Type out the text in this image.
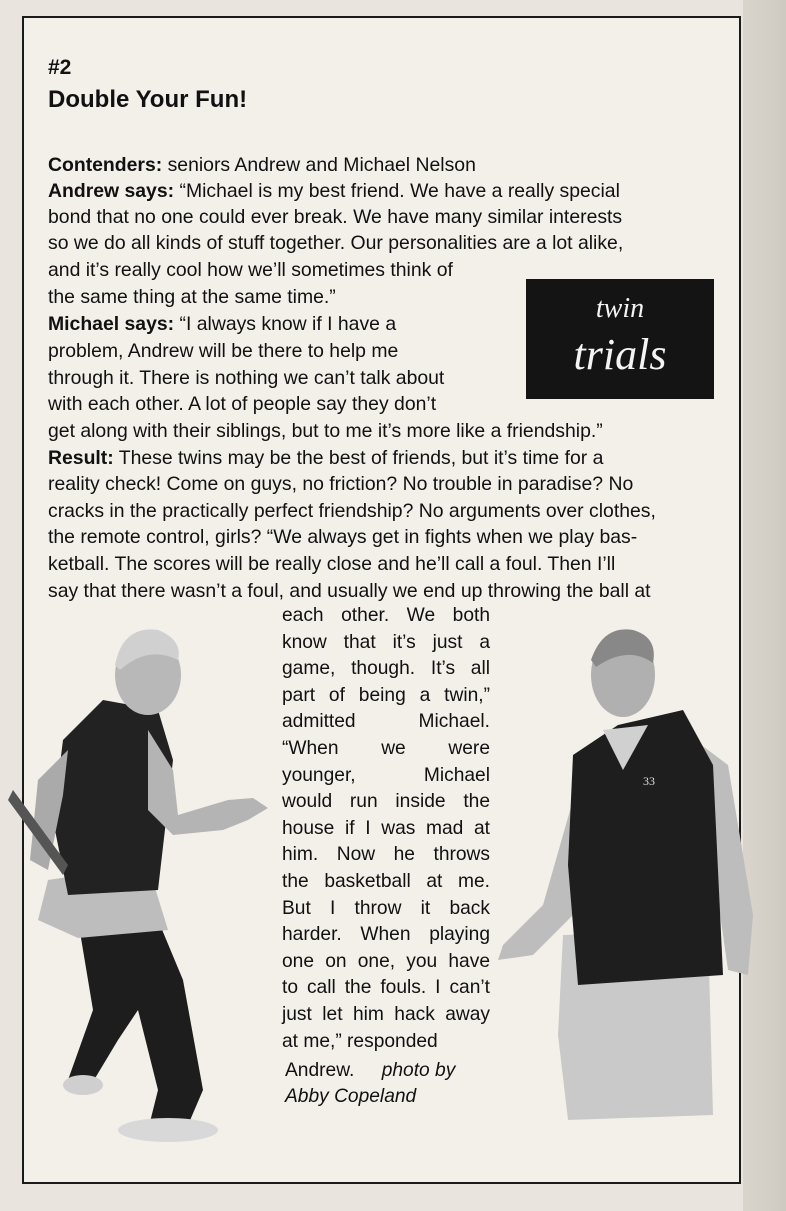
#2
Double Your Fun!
Contenders: seniors Andrew and Michael Nelson
Andrew says: “Michael is my best friend. We have a really special
bond that no one could ever break. We have many similar interests
so we do all kinds of stuff together. Our personalities are a lot alike,
and it’s really cool how we’ll sometimes think of
the same thing at the same time.”
Michael says: “I always know if I have a
problem, Andrew will be there to help me
through it. There is nothing we can’t talk about
with each other. A lot of people say they don’t
get along with their siblings, but to me it’s more like a friendship.”
Result: These twins may be the best of friends, but it’s time for a
reality check! Come on guys, no friction? No trouble in paradise? No
cracks in the practically perfect friendship? No arguments over clothes,
the remote control, girls? “We always get in fights when we play bas-
ketball. The scores will be really close and he’ll call a foul. Then I’ll
say that there wasn’t a foul, and usually we end up throwing the ball at
twin
trials
each other. We both
know that it’s just a
game, though. It’s all
part of being a twin,”
admitted Michael.
“When we were
younger, Michael
would run inside the
house if I was mad at
him. Now he throws
the basketball at me.
But I throw it back
harder. When playing
one on one, you have
to call the fouls. I can’t
just let him hack away
at me,” responded
Andrew. photo by
Abby Copeland
33
